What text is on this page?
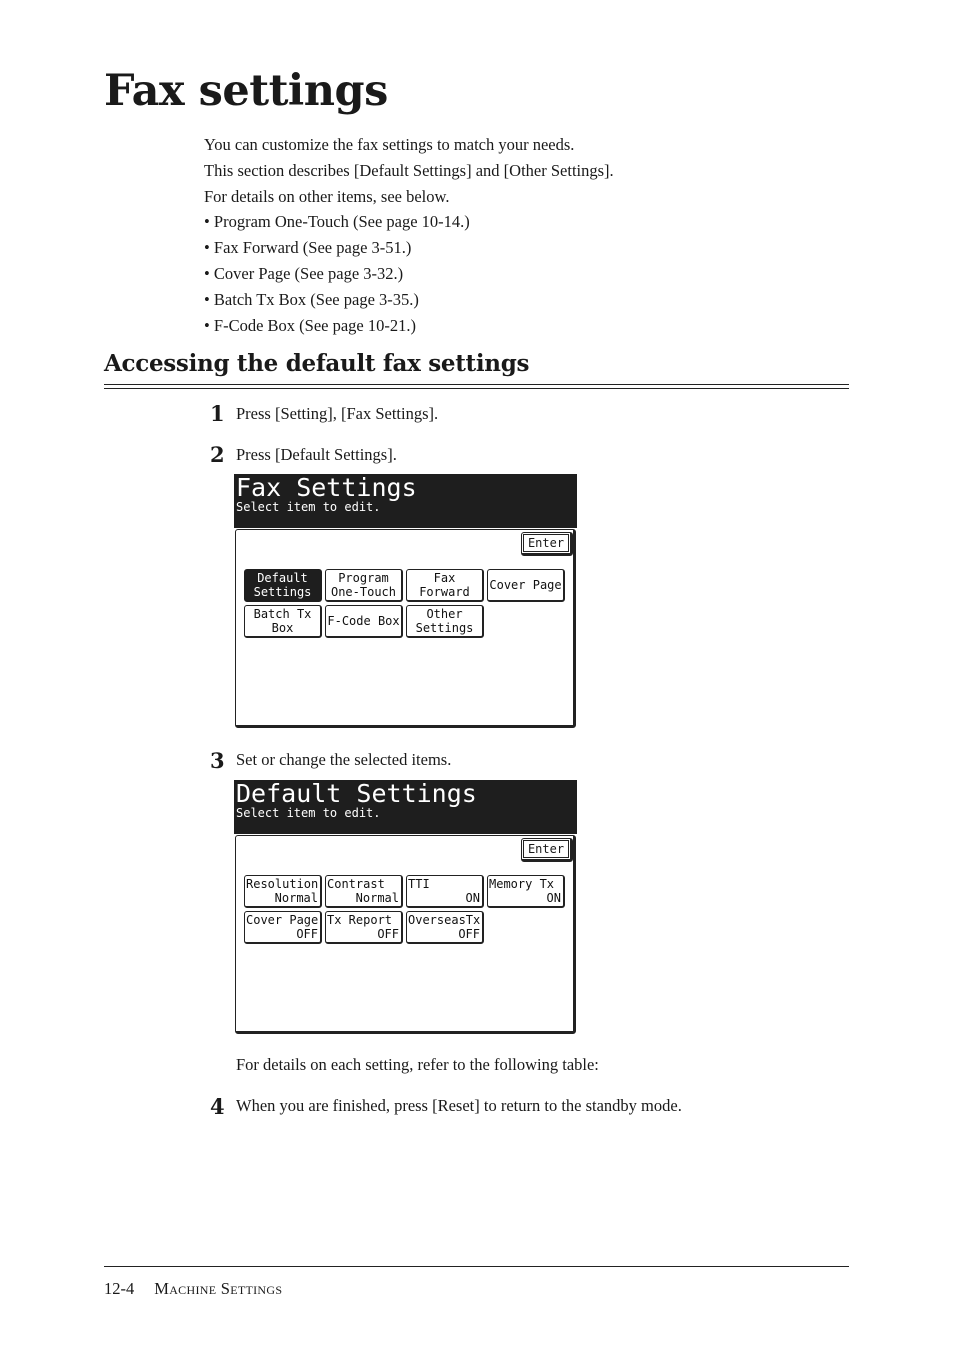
Fax settings
You can customize the fax settings to match your needs.
This section describes [Default Settings] and [Other Settings].
For details on other items, see below.
• Program One-Touch (See page 10-14.)
• Fax Forward (See page 3-51.)
• Cover Page (See page 3-32.)
• Batch Tx Box (See page 3-35.)
• F-Code Box (See page 10-21.)
Accessing the default fax settings
1 Press [Setting], [Fax Settings].
2 Press [Default Settings].
Fax Settings
Select item to edit.
Enter
Default
Settings
Program
One-Touch
Fax
Forward	Cover Page
Batch Tx
Box	F-Code Box	Other
Settings
3 Set or change the selected items.
Default Settings
Select item to edit.
Enter
Resolution
Normal
Contrast
Normal
TTI
ON
Memory Tx
ON
Cover Page
OFF
Tx Report
OFF
OverseasTx
OFF
For details on each setting, refer to the following table:
4 When you are finished, press [Reset] to return to the standby mode.
12-4 Machine Settings
